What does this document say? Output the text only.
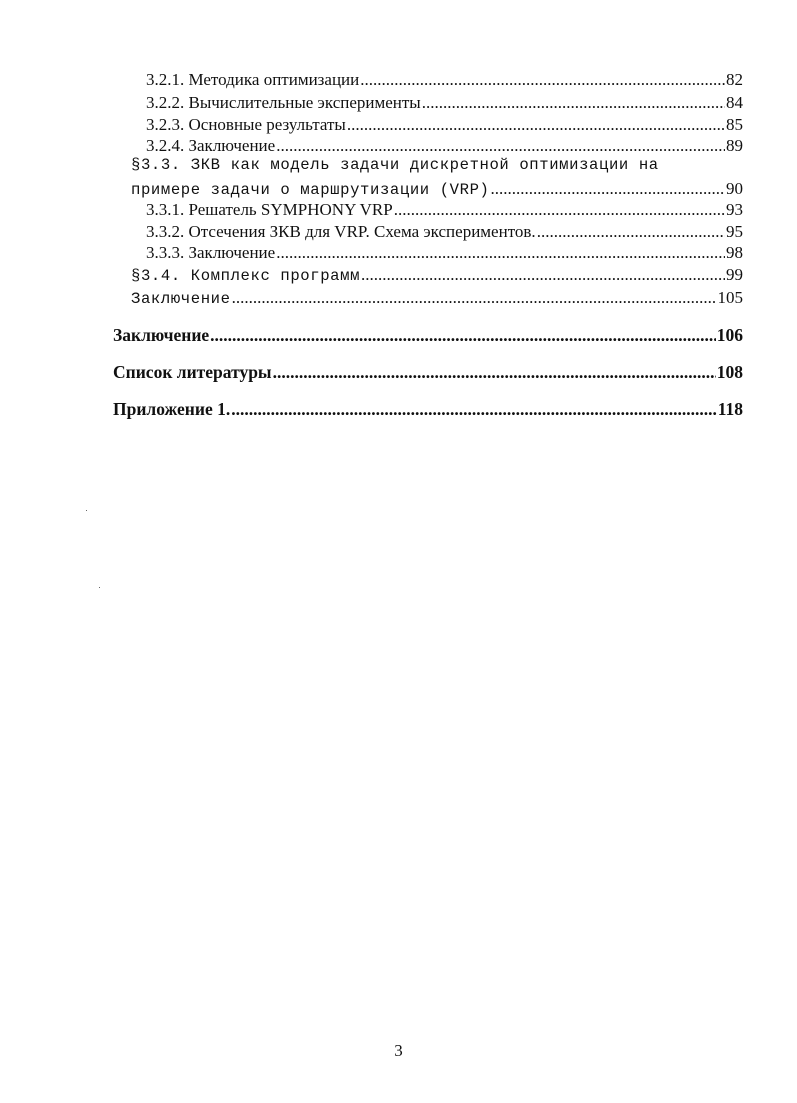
3.2.1. Методика оптимизации .....	82
3.2.2. Вычислительные эксперименты .....	84
3.2.3. Основные результаты .....	85
3.2.4. Заключение .....	89
§3.3. ЗКВ как модель задачи дискретной оптимизации на
примере задачи о маршрутизации (VRP) .....	90
3.3.1. Решатель SYMPHONY VRP .....	93
3.3.2. Отсечения ЗКВ для VRP. Схема экспериментов. .....	95
3.3.3. Заключение .....	98
§3.4. Комплекс программ .....	99
Заключение .....	105
Заключение .....	106
Список литературы .....	108
Приложение 1. .....	118
3
